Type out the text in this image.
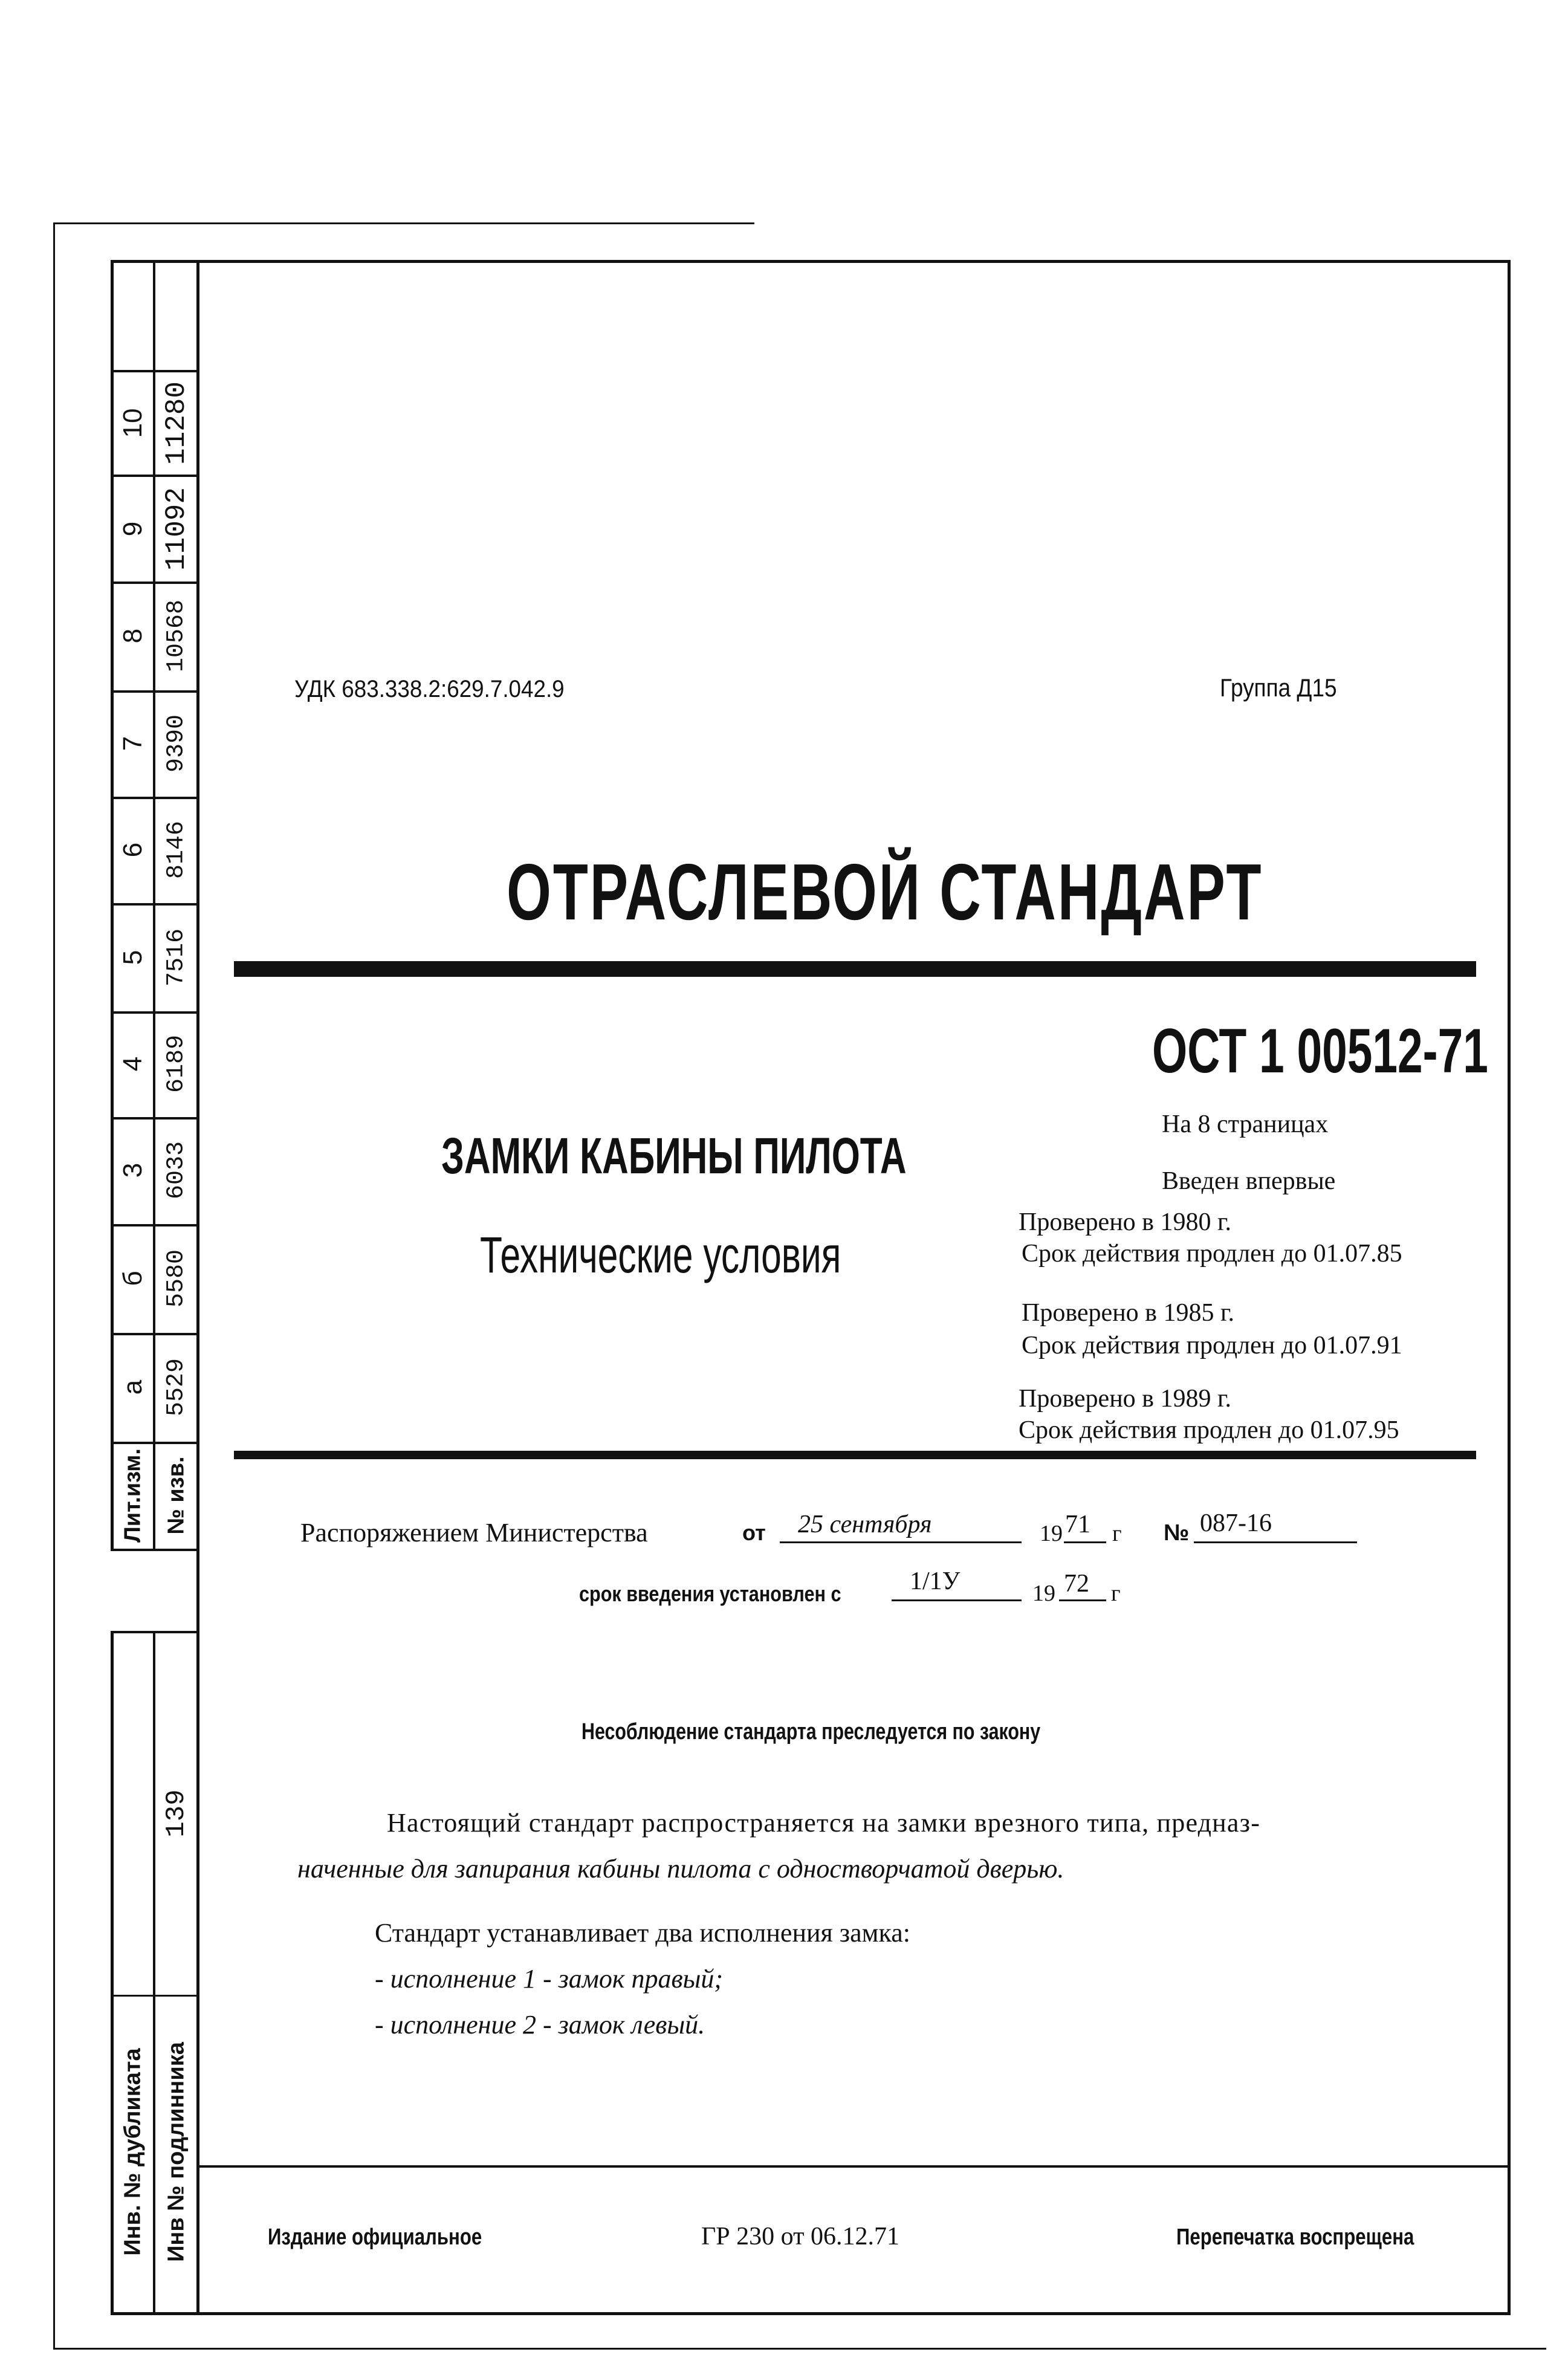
10 11280
9 11092
8 10568
7 9390
6 8146
5 7516
4 6189
3 6033
б 5580
а 5529
Лит.изм. № изв.
139
Инв. № дубликата Инв № подлинника
УДК 683.338.2:629.7.042.9	Группа Д15
ОТРАСЛЕВОЙ СТАНДАРТ
ОСТ 1 00512-71
На 8 страницах
Введен впервые
Проверено в 1980 г.
Срок действия продлен до 01.07.85
Проверено в 1985 г.
Срок действия продлен до 01.07.91
Проверено в 1989 г.
Срок действия продлен до 01.07.95
ЗАМКИ КАБИНЫ ПИЛОТА
Технические условия
Распоряжением Министерства	от 25 сентября	19 71 г № 087-16
срок введения установлен с	1/1У	19 72 г
Несоблюдение стандарта преследуется по закону
Настоящий стандарт распространяется на замки врезного типа, предназ-
наченные для запирания кабины пилота с одностворчатой дверью.
Стандарт устанавливает два исполнения замка:
- исполнение 1 - замок правый;
- исполнение 2 - замок левый.
Издание официальное	ГР 230 от 06.12.71	Перепечатка воспрещена
